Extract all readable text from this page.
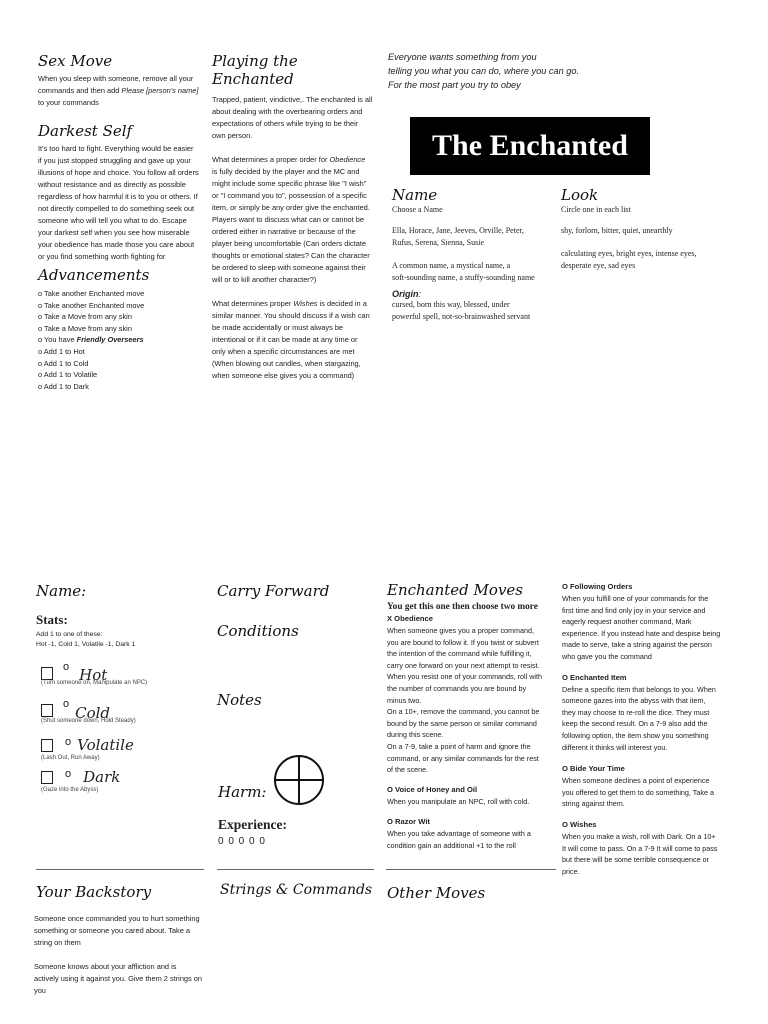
Sex Move

When you sleep with someone, remove all your

commands and then add Please [person's name]

to your commands

Darkest Self
It's too hard to fight. Everything would be easier
if you just stopped struggling and gave up your
illusions of hope and choice. You follow all orders
without resistance and as directly as possible
regardless of how harmful it is to you or others. If
not directly compelled to do something seek out
someone who will tell you what to do. Escape
your darkest self when you see how miserable
your obedience has made those you care about
or you find something worth fighting for
Advancements
o Take another Enchanted move
o Take another Enchanted move
o Take a Move from any skin
o Take a Move from any skin
o You have Friendly Overseers
o Add 1 to Hot
o Add 1 to Cold
o Add 1 to Volatile
o Add 1 to Dark
Playing the Enchanted
Trapped, patient, vindictive,. The enchanted is all
about dealing with the overbearing orders and
expectations of others while trying to be their
own person.

What determines a proper order for Obedience

is fully decided by the player and the MC and
might include some specific phrase like "I wish"
or "I command you to", possession of a specific
item, or simply be any order give the enchanted.
Players want to discuss what can or cannot be
ordered either in narrative or because of the
player being uncomfortable (Can orders dictate
thoughts or emotional states? Can the character
be ordered to sleep with someone against their
will or to kill another character?)

What determines proper Wishes is decided in a

similar manner. You should discuss if a wish can
be made accidentally or must always be
intentional or if it can be made at any time or
only when a specific circumstances are met
(When blowing out candles, when stargazing,
when someone else gives you a command)
Everyone wants something from you
telling you what you can do, where you can go.
For the most part you try to obey
The Enchanted
Name
Choose a Name
Ella, Horace, Jane, Jeeves, Orville, Peter,
Rufus, Serena, Sienna, Susie
A common name, a mystical name, a
soft-sounding name, a stuffy-sounding name
Origin:
cursed, born this way, blessed, under
powerful spell, not-so-brainwashed servant
Look
Circle one in each list
shy, forlorn, bitter, quiet, unearthly
calculating eyes, bright eyes, intense eyes,
desperate eye, sad eyes
Name:
Stats:
Add 1 to one of these:
Hot -1, Cold 1, Volatile -1, Dark 1
o Hot
(Turn someone on, Manipulate an NPC)
o Cold
(Shut someone down, Hold Steady)
o Volatile
(Lash Out, Run Away)
o Dark
(Gaze into the Abyss)
Your Backstory
Someone once commanded you to hurt something
something or someone you cared about. Take a
string on them
Someone knows about your affliction and is
actively using it against you. Give them 2 strings on
you
Carry Forward
Conditions
Notes
Harm:
Experience:
0 0 0 0 0
Strings & Commands
Enchanted Moves
You get this one then choose two more
X Obedience
When someone gives you a proper command,
you are bound to follow it. If you twist or subvert
the intention of the command while fulfilling it,
carry one forward on your next attempt to resist.
When you resist one of your commands, roll with
the number of commands you are bound by
minus two.
On a 10+, remove the command, you cannot be
bound by the same person or similar command
during this scene.
On a 7-9, take a point of harm and ignore the
command, or any similar commands for the rest
of the scene.
O Voice of Honey and Oil
When you manipulate an NPC, roll with cold.
O Razor Wit
When you take advantage of someone with a
condition gain an additional +1 to the roll
Other Moves
O Following Orders
When you fulfill one of your commands for the
first time and find only joy in your service and
eagerly request another command, Mark
experience. If you instead hate and despise being
made to serve, take a string against the person
who gave you the command
O Enchanted Item
Define a specific item that belongs to you. When
someone gazes into the abyss with that item,
they may choose to re-roll the dice. They must
keep the second result. On a 7-9 also add the
following option, the item show you something
different it thinks will interest you.
O Bide Your Time
When someone declines a point of experience
you offered to get them to do something, Take a
string against them.
O Wishes
When you make a wish, roll with Dark. On a 10+
It will come to pass. On a 7-9 It will come to pass
but there will be some terrible consequence or
price.
